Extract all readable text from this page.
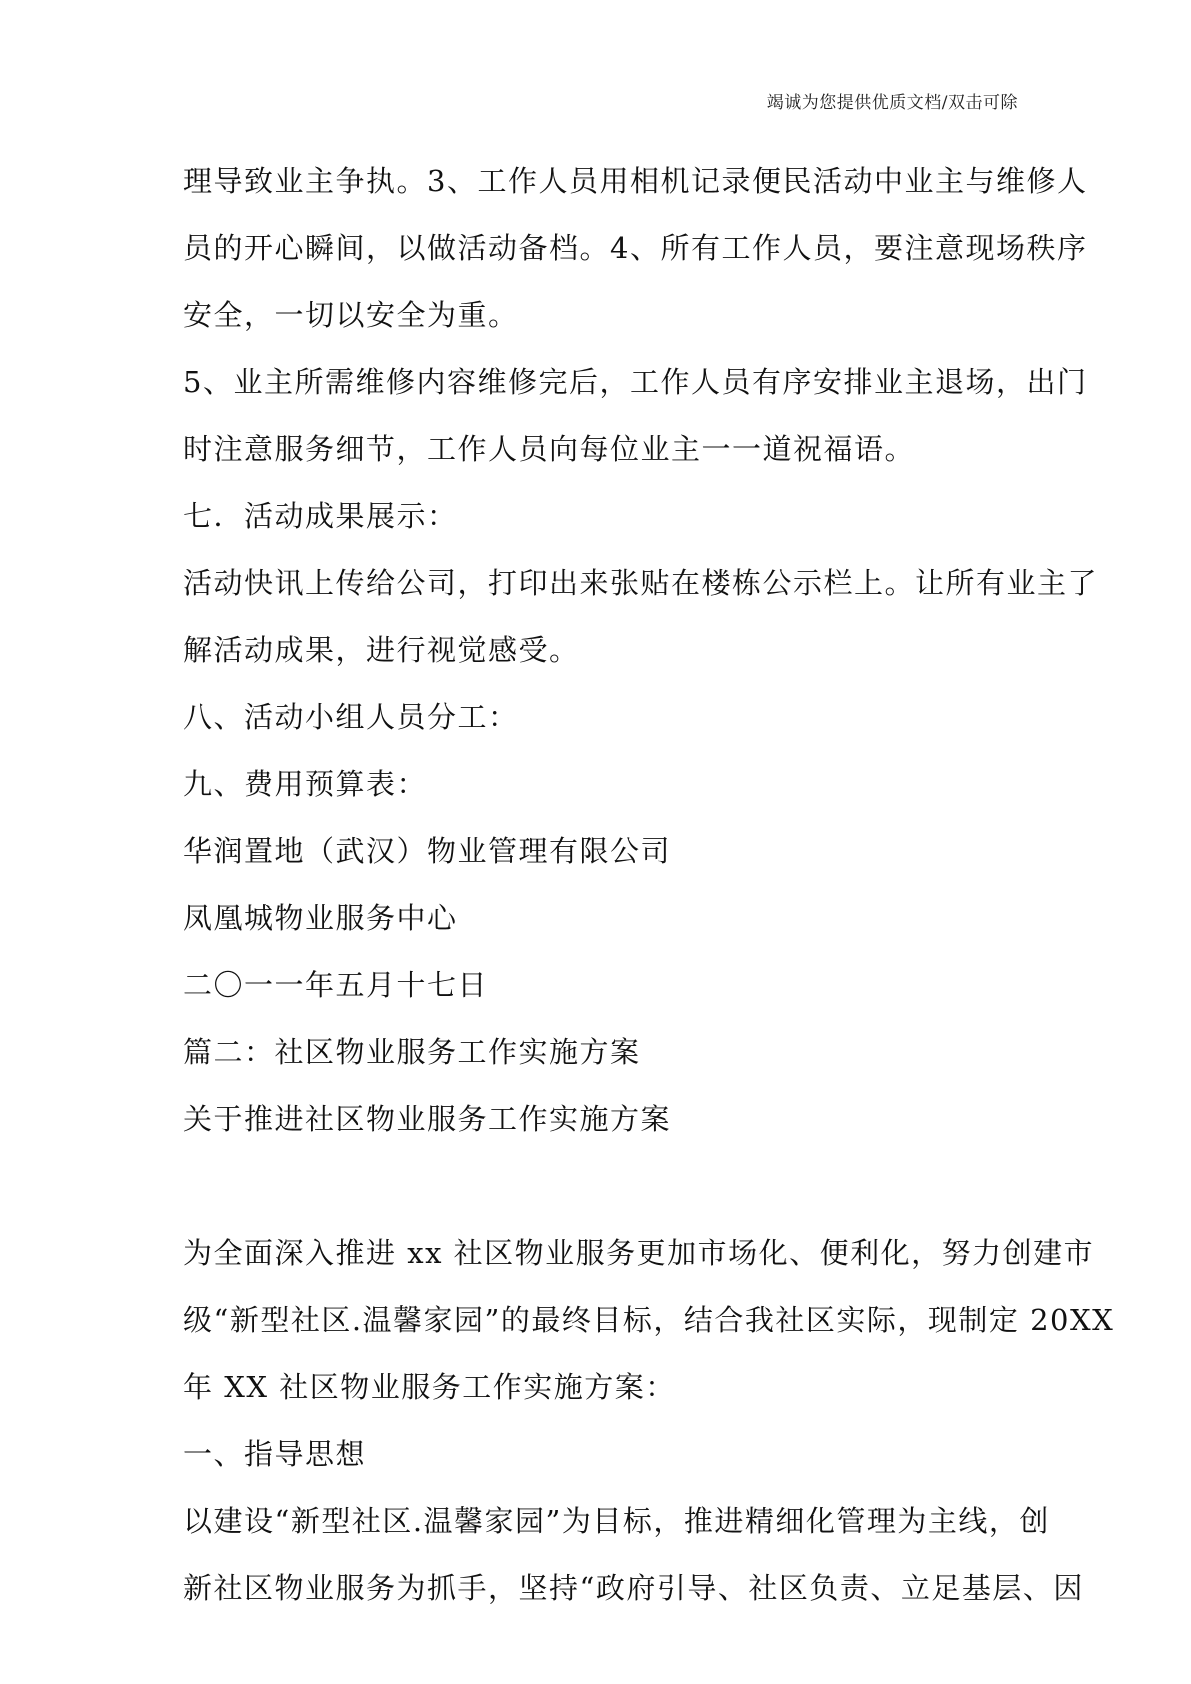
竭诚为您提供优质文档/双击可除
理导致业主争执。3、工作人员用相机记录便民活动中业主与维修人
员的开心瞬间，以做活动备档。4、所有工作人员，要注意现场秩序
安全，一切以安全为重。
5、业主所需维修内容维修完后，工作人员有序安排业主退场，出门
时注意服务细节，工作人员向每位业主一一道祝福语。
七．活动成果展示：
活动快讯上传给公司，打印出来张贴在楼栋公示栏上。让所有业主了
解活动成果，进行视觉感受。
八、活动小组人员分工：
九、费用预算表：
华润置地（武汉）物业管理有限公司
凤凰城物业服务中心
二〇一一年五月十七日
篇二：社区物业服务工作实施方案
关于推进社区物业服务工作实施方案
为全面深入推进 xx 社区物业服务更加市场化、便利化，努力创建市
级“新型社区.温馨家园”的最终目标，结合我社区实际，现制定 20XX
年 XX 社区物业服务工作实施方案：
一、指导思想
以建设“新型社区.温馨家园”为目标，推进精细化管理为主线，创
新社区物业服务为抓手，坚持“政府引导、社区负责、立足基层、因
